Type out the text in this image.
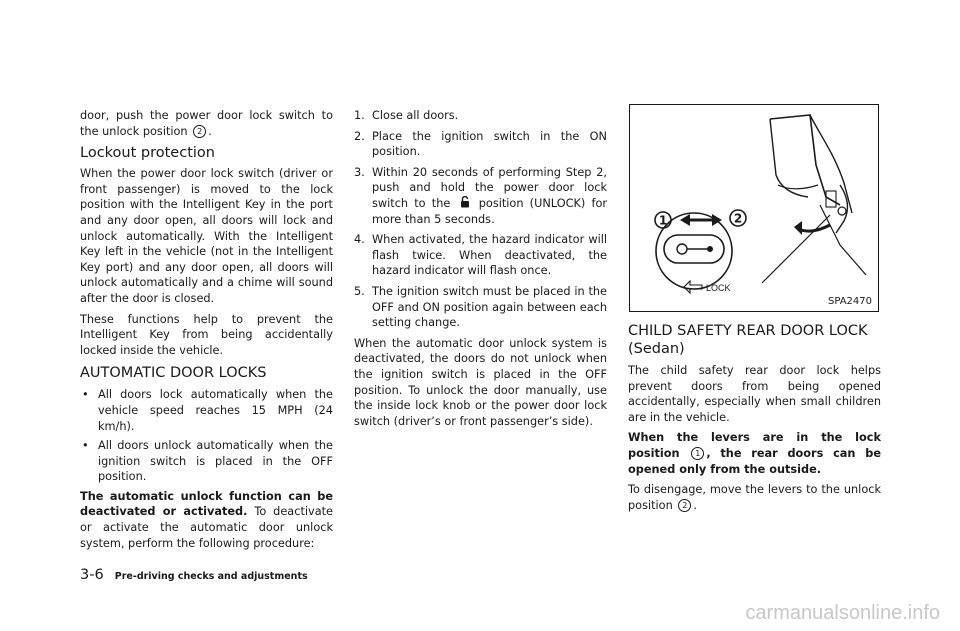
door, push the power door lock switch to the unlock position 2 .

Lockout protection

When the power door lock switch (driver or front passenger) is moved to the lock position with the Intelligent Key in the port and any door open, all doors will lock and unlock automatically. With the Intelligent Key left in the vehicle (not in the Intelligent Key port) and any door open, all doors will unlock automatically and a chime will sound after the door is closed.

These functions help to prevent the Intelligent Key from being accidentally locked inside the vehicle.

AUTOMATIC DOOR LOCKS
• All doors lock automatically when the vehicle speed reaches 15 MPH (24 km/h).
• All doors unlock automatically when the ignition switch is placed in the OFF position.

The automatic unlock function can be deactivated or activated. To deactivate or activate the automatic door unlock system, perform the following procedure:

1. Close all doors.
2. Place the ignition switch in the ON position.
3. Within 20 seconds of performing Step 2, push and hold the power door lock switch to the	position (UNLOCK) for more than 5 seconds.
4. When activated, the hazard indicator will flash twice. When deactivated, the hazard indicator will flash once.
5. The ignition switch must be placed in the OFF and ON position again between each setting change.

When the automatic door unlock system is deactivated, the doors do not unlock when the ignition switch is placed in the OFF position. To unlock the door manually, use the inside lock knob or the power door lock switch (driver’s or front passenger’s side).

1	2
LOCK
SPA2470
CHILD SAFETY REAR DOOR LOCK
(Sedan)

The child safety rear door lock helps prevent doors from being opened accidentally, especially when small children are in the vehicle.

When the levers are in the lock position 1 , the rear doors can be opened only from the outside.

To disengage, move the levers to the unlock position 2 .

3-6 Pre-driving checks and adjustments
carmanualsonline.info
